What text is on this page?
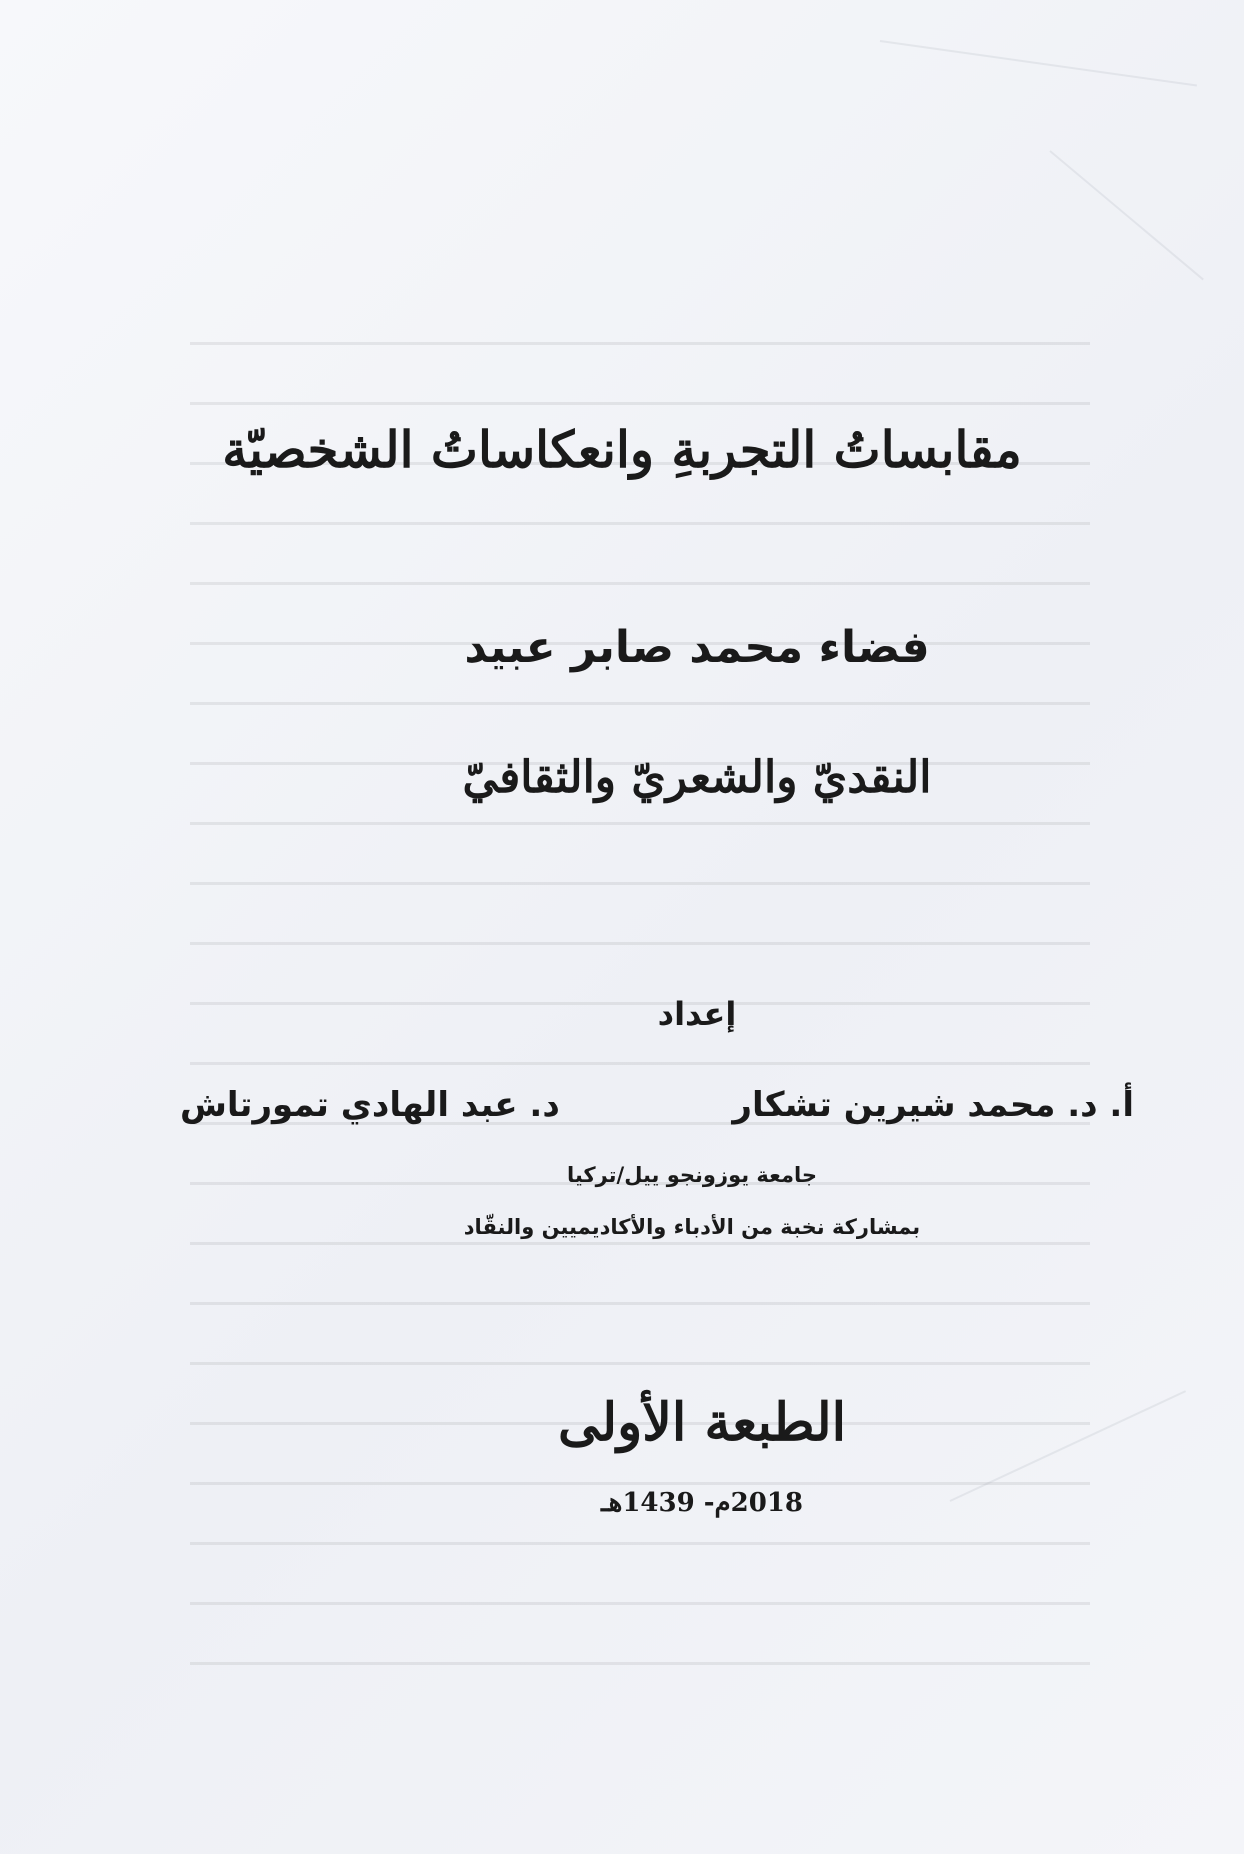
مقابساتُ التجربةِ وانعكاساتُ الشخصيّة
فضاء محمد صابر عبيد
النقديّ والشعريّ والثقافيّ
إعداد
أ. د. محمد شيرين تشكار
د. عبد الهادي تمورتاش
جامعة يوزونجو ييل/تركيا
بمشاركة نخبة من الأدباء والأكاديميين والنقّاد
الطبعة الأولى
2018م- 1439هـ
